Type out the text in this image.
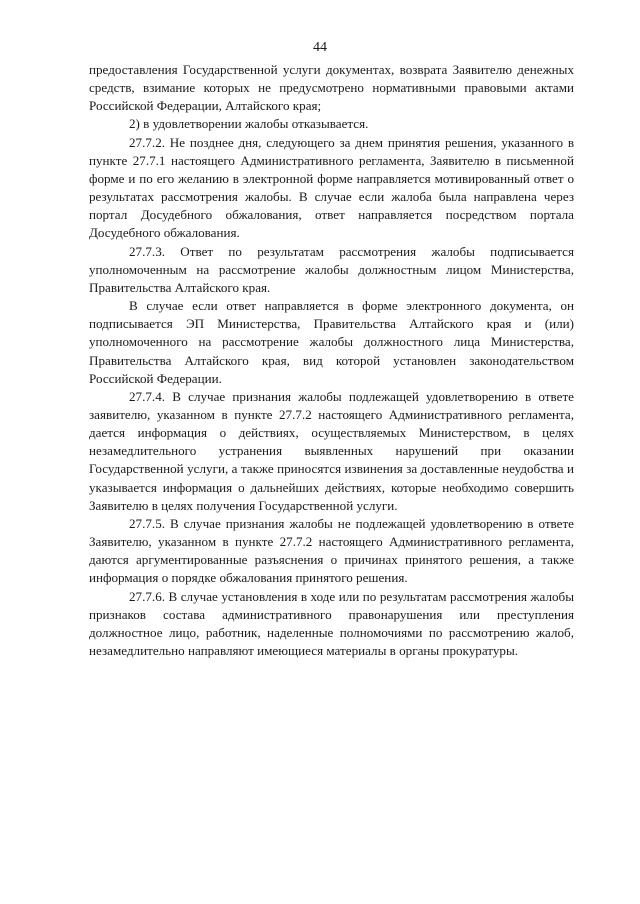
44

предоставления Государственной услуги документах, возврата Заявителю денежных средств, взимание которых не предусмотрено нормативными правовыми актами Российской Федерации, Алтайского края;

2) в удовлетворении жалобы отказывается.

27.7.2. Не позднее дня, следующего за днем принятия решения, указанного в пункте 27.7.1 настоящего Административного регламента, Заявителю в письменной форме и по его желанию в электронной форме направляется мотивированный ответ о результатах рассмотрения жалобы. В случае если жалоба была направлена через портал Досудебного обжалования, ответ направляется посредством портала Досудебного обжалования.

27.7.3. Ответ по результатам рассмотрения жалобы подписывается уполномоченным на рассмотрение жалобы должностным лицом Министерства, Правительства Алтайского края.

В случае если ответ направляется в форме электронного документа, он подписывается ЭП Министерства, Правительства Алтайского края и (или) уполномоченного на рассмотрение жалобы должностного лица Министерства, Правительства Алтайского края, вид которой установлен законодательством Российской Федерации.

27.7.4. В случае признания жалобы подлежащей удовлетворению в ответе заявителю, указанном в пункте 27.7.2 настоящего Административного регламента, дается информация о действиях, осуществляемых Министерством, в целях незамедлительного устранения выявленных нарушений при оказании Государственной услуги, а также приносятся извинения за доставленные неудобства и указывается информация о дальнейших действиях, которые необходимо совершить Заявителю в целях получения Государственной услуги.

27.7.5. В случае признания жалобы не подлежащей удовлетворению в ответе Заявителю, указанном в пункте 27.7.2 настоящего Административного регламента, даются аргументированные разъяснения о причинах принятого решения, а также информация о порядке обжалования принятого решения.

27.7.6. В случае установления в ходе или по результатам рассмотрения жалобы признаков состава административного правонарушения или преступления должностное лицо, работник, наделенные полномочиями по рассмотрению жалоб, незамедлительно направляют имеющиеся материалы в органы прокуратуры.
